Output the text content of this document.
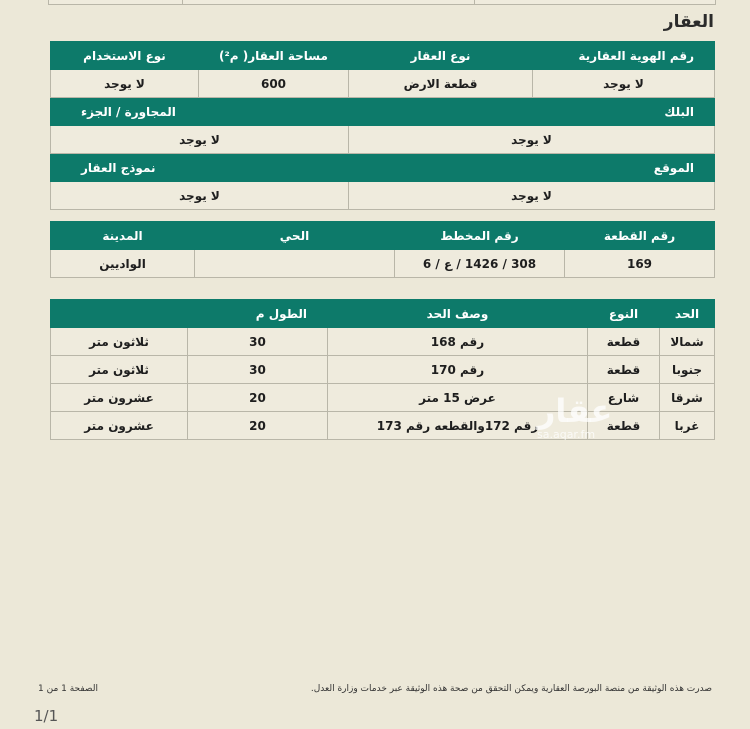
العقار
رقم الهوية العقارية	نوع العقار	مساحة العقار( م²)	نوع الاستخدام
لا يوجد	قطعة الارض	600	لا يوجد
البلك		المجاورة / الجزء	
لا يوجد		لا يوجد	
الموقع		نموذج العقار	
لا يوجد		لا يوجد	
رقم القطعة	رقم المخطط	الحي	المدينة
169	308 / 1426 / ع / 6		الواديين
الحد	النوع	وصف الحد	الطول م	
شمالا	قطعة	رقم 168	30	ثلاثون متر
جنوبا	قطعة	رقم 170	30	ثلاثون متر
شرقا	شارع	عرض 15 متر	20	عشرون متر
غربا	قطعة	رقم 172والقطعه رقم 173	20	عشرون متر	عقار
sa.aqar.fm
صدرت هذه الوثيقة من منصة البورصة العقارية ويمكن التحقق من صحة هذه الوثيقة عبر خدمات وزارة العدل.
الصفحة 1 من 1
1/1
